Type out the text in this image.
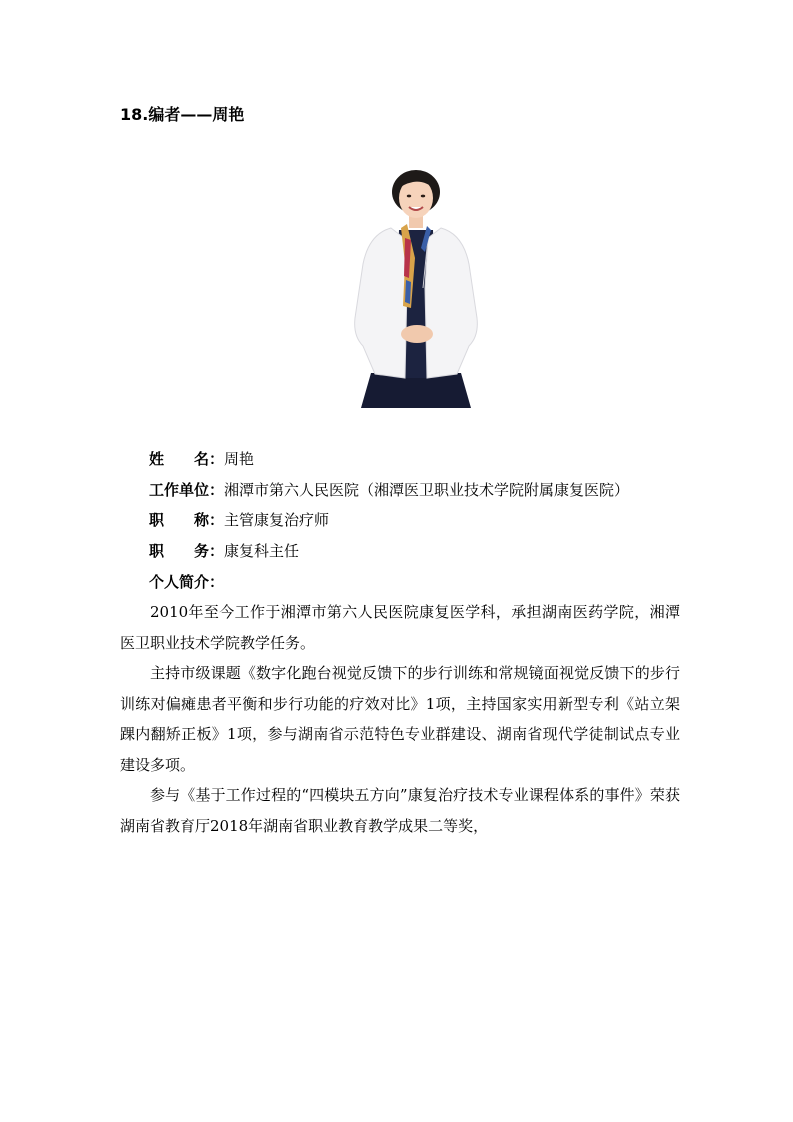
18.编者——周艳
姓　　名：周艳
工作单位：湘潭市第六人民医院（湘潭医卫职业技术学院附属康复医院）
职　　称：主管康复治疗师
职　　务：康复科主任
个人简介：

2010年至今工作于湘潭市第六人民医院康复医学科，承担湖南医药学院，湘潭医卫职业技术学院教学任务。

主持市级课题《数字化跑台视觉反馈下的步行训练和常规镜面视觉反馈下的步行训练对偏瘫患者平衡和步行功能的疗效对比》1项，主持国家实用新型专利《站立架踝内翻矫正板》1项，参与湖南省示范特色专业群建设、湖南省现代学徒制试点专业建设多项。

参与《基于工作过程的“四模块五方向”康复治疗技术专业课程体系的事件》荣获湖南省教育厅2018年湖南省职业教育教学成果二等奖，
